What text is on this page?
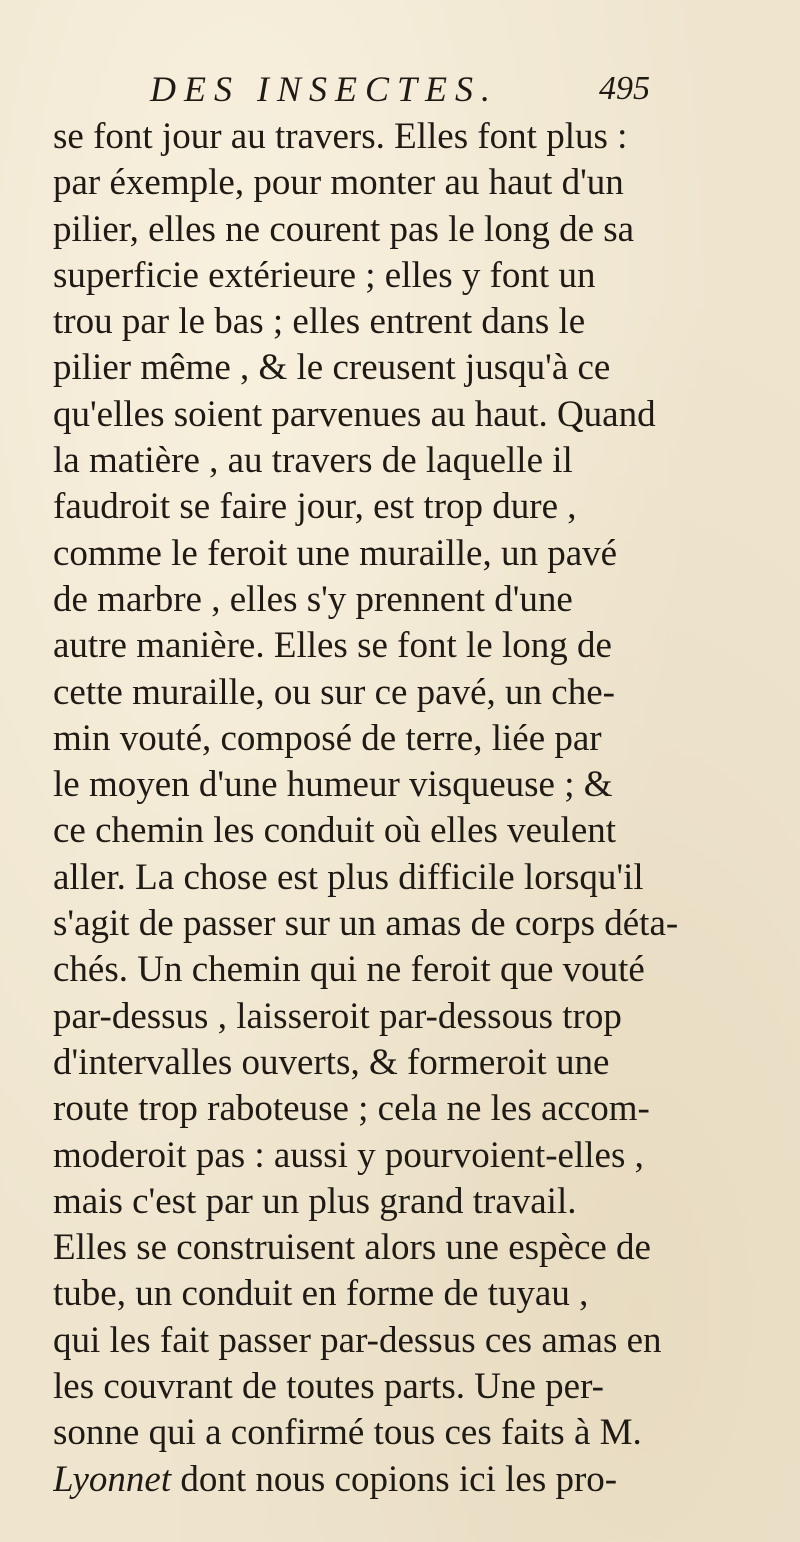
DES INSECTES.	495
se font jour au travers. Elles font plus :
par éxemple, pour monter au haut d'un
pilier, elles ne courent pas le long de sa
superficie extérieure ; elles y font un
trou par le bas ; elles entrent dans le
pilier même , & le creusent jusqu'à ce
qu'elles soient parvenues au haut. Quand
la matière , au travers de laquelle il
faudroit se faire jour, est trop dure ,
comme le feroit une muraille, un pavé
de marbre , elles s'y prennent d'une
autre manière. Elles se font le long de
cette muraille, ou sur ce pavé, un che-
min vouté, composé de terre, liée par
le moyen d'une humeur visqueuse ; &
ce chemin les conduit où elles veulent
aller. La chose est plus difficile lorsqu'il
s'agit de passer sur un amas de corps déta-
chés. Un chemin qui ne feroit que vouté
par-dessus , laisseroit par-dessous trop
d'intervalles ouverts, & formeroit une
route trop raboteuse ; cela ne les accom-
moderoit pas : aussi y pourvoient-elles ,
mais c'est par un plus grand travail.
Elles se construisent alors une espèce de
tube, un conduit en forme de tuyau ,
qui les fait passer par-dessus ces amas en
les couvrant de toutes parts. Une per-
sonne qui a confirmé tous ces faits à M.
Lyonnet dont nous copions ici les pro-
